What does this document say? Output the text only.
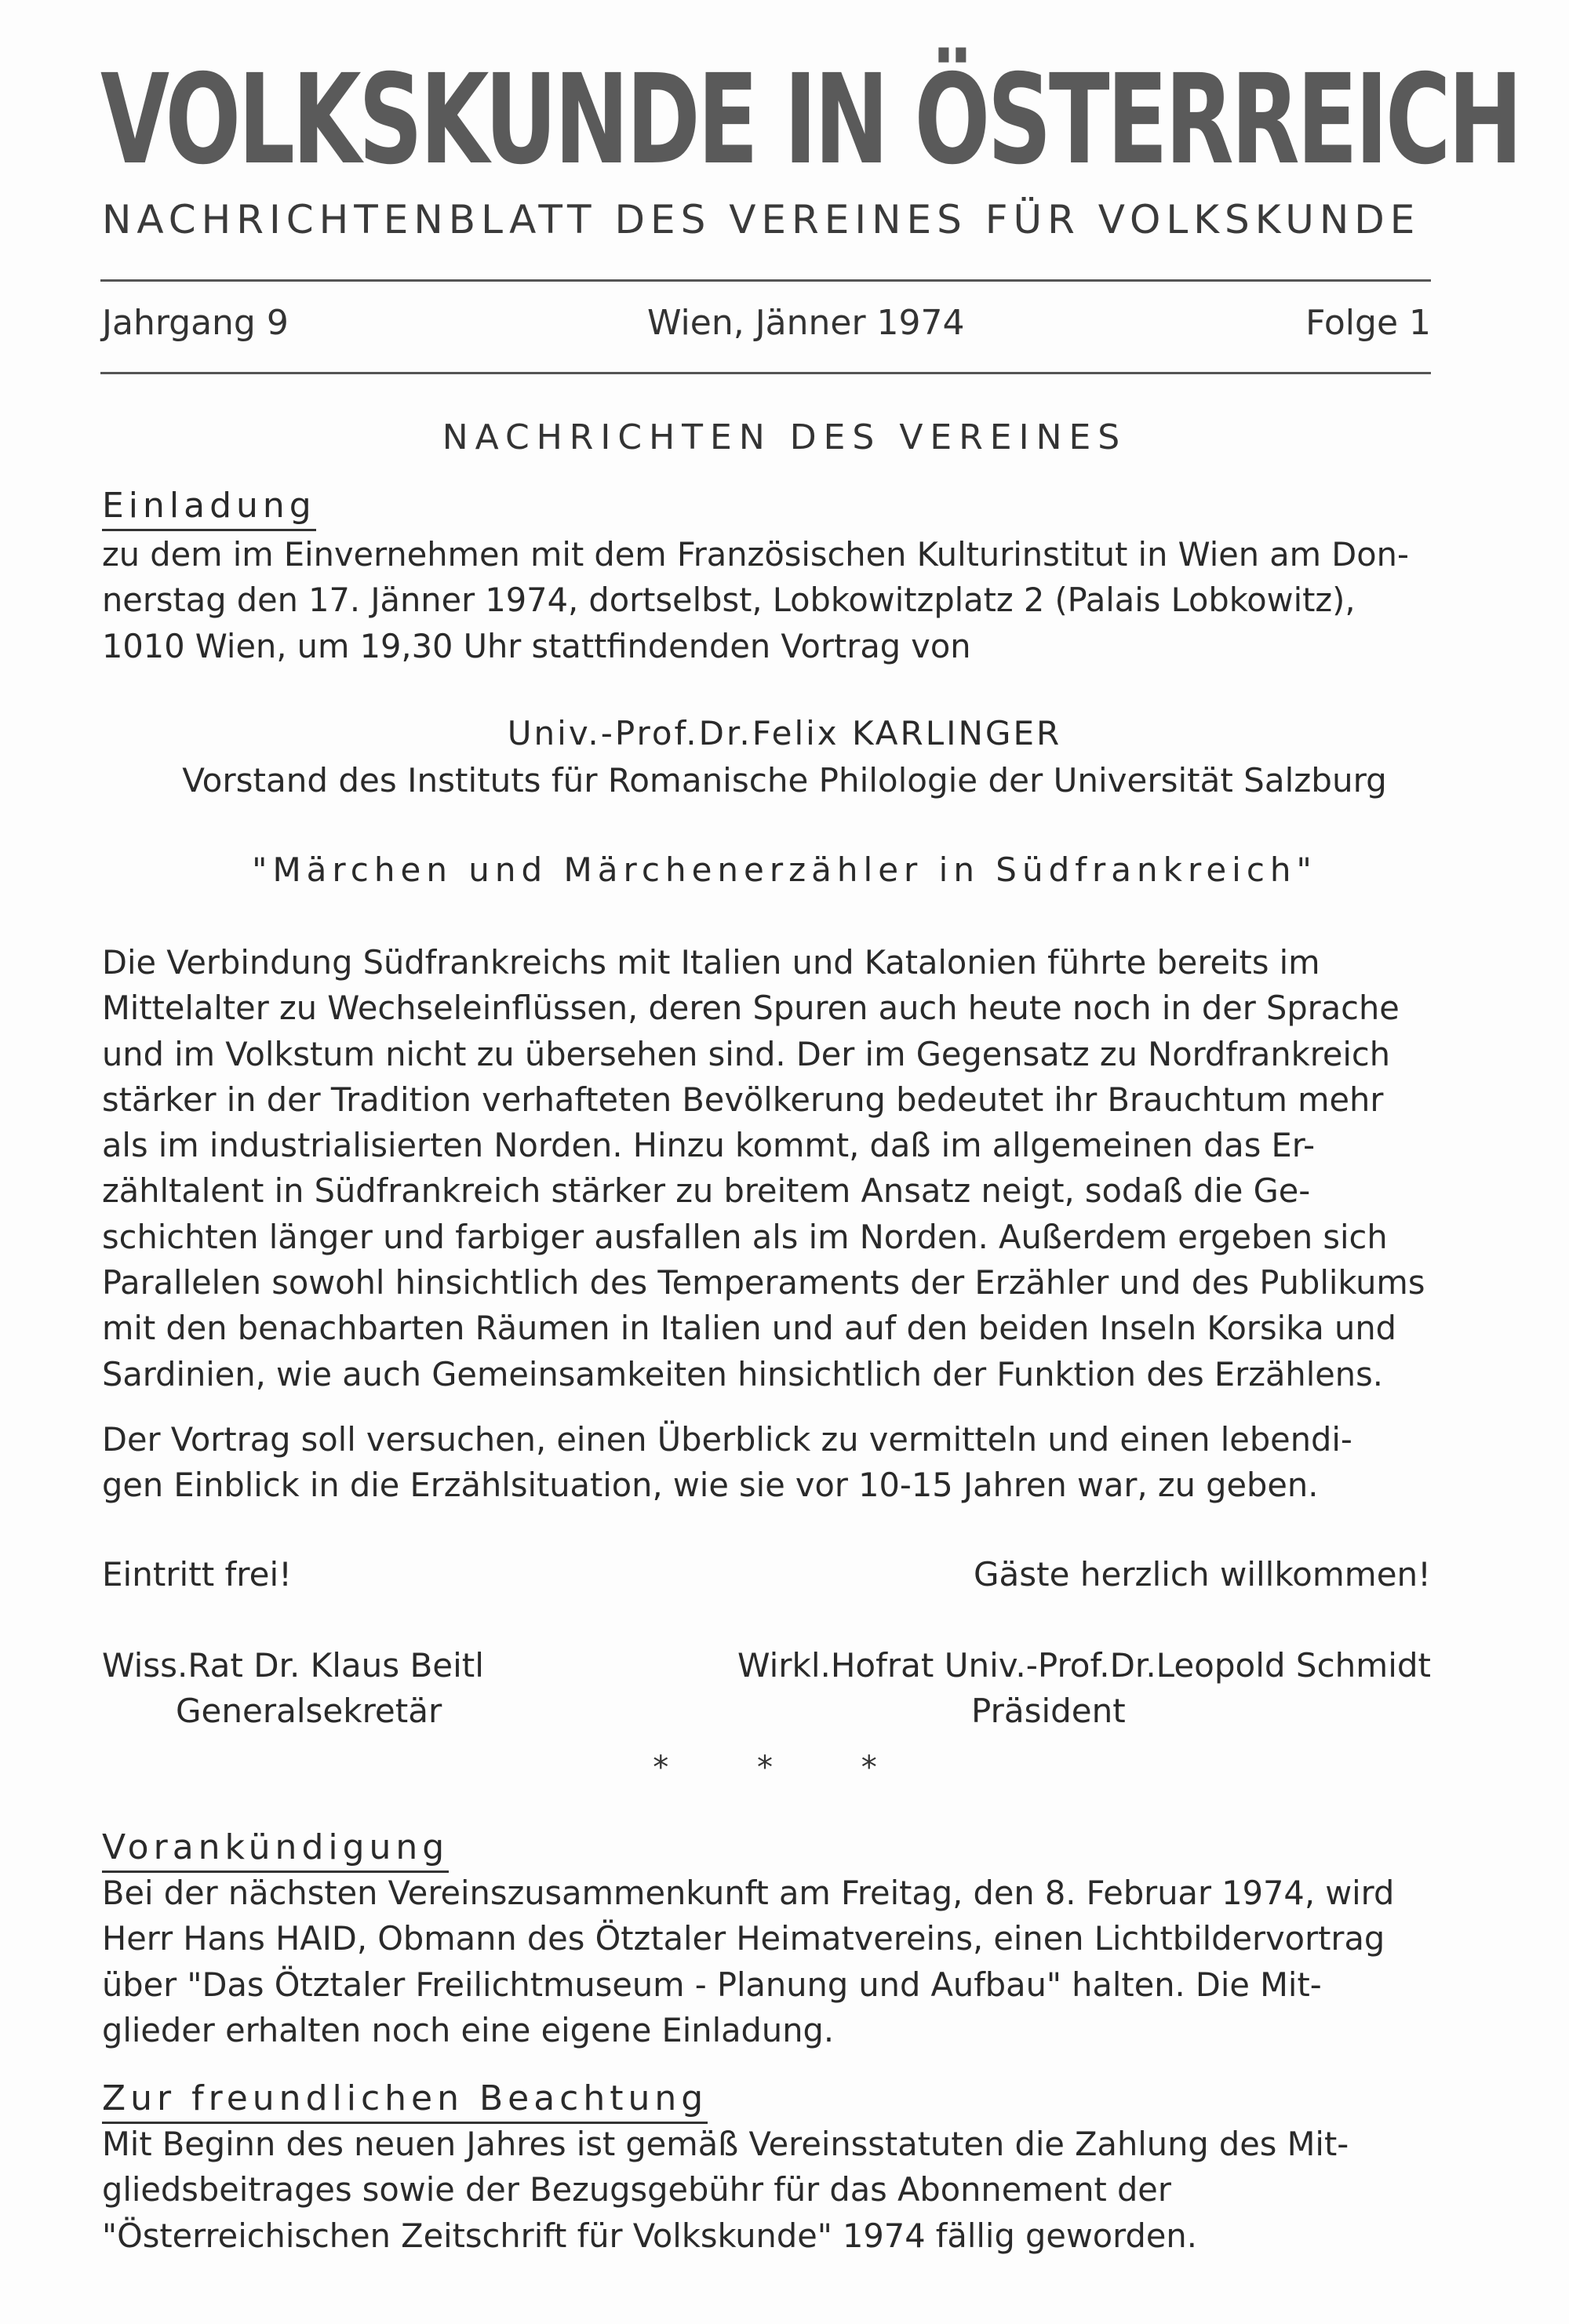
VOLKSKUNDE IN ÖSTERREICH
NACHRICHTENBLATT DES VEREINES FÜR VOLKSKUNDE
Jahrgang 9	Wien, Jänner 1974	Folge 1
NACHRICHTEN DES VEREINES
Einladung
zu dem im Einvernehmen mit dem Französischen Kulturinstitut in Wien am Don-
nerstag den 17. Jänner 1974, dortselbst, Lobkowitzplatz 2 (Palais Lobkowitz),
1010 Wien, um 19,30 Uhr stattfindenden Vortrag von
Univ.-Prof.Dr.Felix KARLINGER
Vorstand des Instituts für Romanische Philologie der Universität Salzburg
"Märchen und Märchenerzähler in Südfrankreich"
Die Verbindung Südfrankreichs mit Italien und Katalonien führte bereits im
Mittelalter zu Wechseleinflüssen, deren Spuren auch heute noch in der Sprache
und im Volkstum nicht zu übersehen sind. Der im Gegensatz zu Nordfrankreich
stärker in der Tradition verhafteten Bevölkerung bedeutet ihr Brauchtum mehr
als im industrialisierten Norden. Hinzu kommt, daß im allgemeinen das Er-
zähltalent in Südfrankreich stärker zu breitem Ansatz neigt, sodaß die Ge-
schichten länger und farbiger ausfallen als im Norden. Außerdem ergeben sich
Parallelen sowohl hinsichtlich des Temperaments der Erzähler und des Publikums
mit den benachbarten Räumen in Italien und auf den beiden Inseln Korsika und
Sardinien, wie auch Gemeinsamkeiten hinsichtlich der Funktion des Erzählens.
Der Vortrag soll versuchen, einen Überblick zu vermitteln und einen lebendi-
gen Einblick in die Erzählsituation, wie sie vor 10-15 Jahren war, zu geben.
Eintritt frei!	Gäste herzlich willkommen!
Wiss.Rat Dr. Klaus Beitl
Generalsekretär
Wirkl.Hofrat Univ.-Prof.Dr.Leopold Schmidt
Präsident
* * *
Vorankündigung
Bei der nächsten Vereinszusammenkunft am Freitag, den 8. Februar 1974, wird
Herr Hans HAID, Obmann des Ötztaler Heimatvereins, einen Lichtbildervortrag
über "Das Ötztaler Freilichtmuseum - Planung und Aufbau" halten. Die Mit-
glieder erhalten noch eine eigene Einladung.
Zur freundlichen Beachtung
Mit Beginn des neuen Jahres ist gemäß Vereinsstatuten die Zahlung des Mit-
gliedsbeitrages sowie der Bezugsgebühr für das Abonnement der
"Österreichischen Zeitschrift für Volkskunde" 1974 fällig geworden.
